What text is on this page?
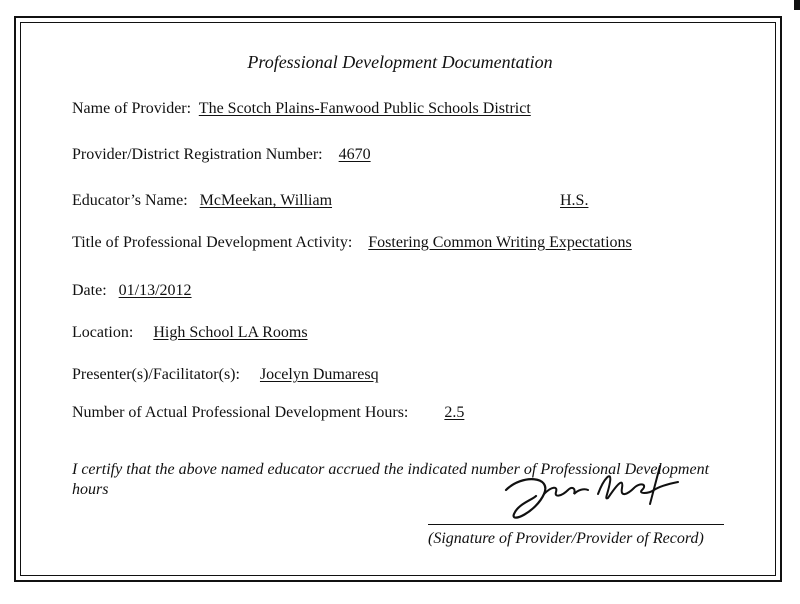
Professional Development Documentation
Name of Provider: The Scotch Plains-Fanwood Public Schools District
Provider/District Registration Number: 4670
Educator’s Name: McMeekan, William	H.S.
Title of Professional Development Activity: Fostering Common Writing Expectations
Date: 01/13/2012
Location: High School LA Rooms
Presenter(s)/Facilitator(s): Jocelyn Dumaresq
Number of Actual Professional Development Hours: 2.5
I certify that the above named educator accrued the indicated number of Professional Development hours
(Signature of Provider/Provider of Record)
